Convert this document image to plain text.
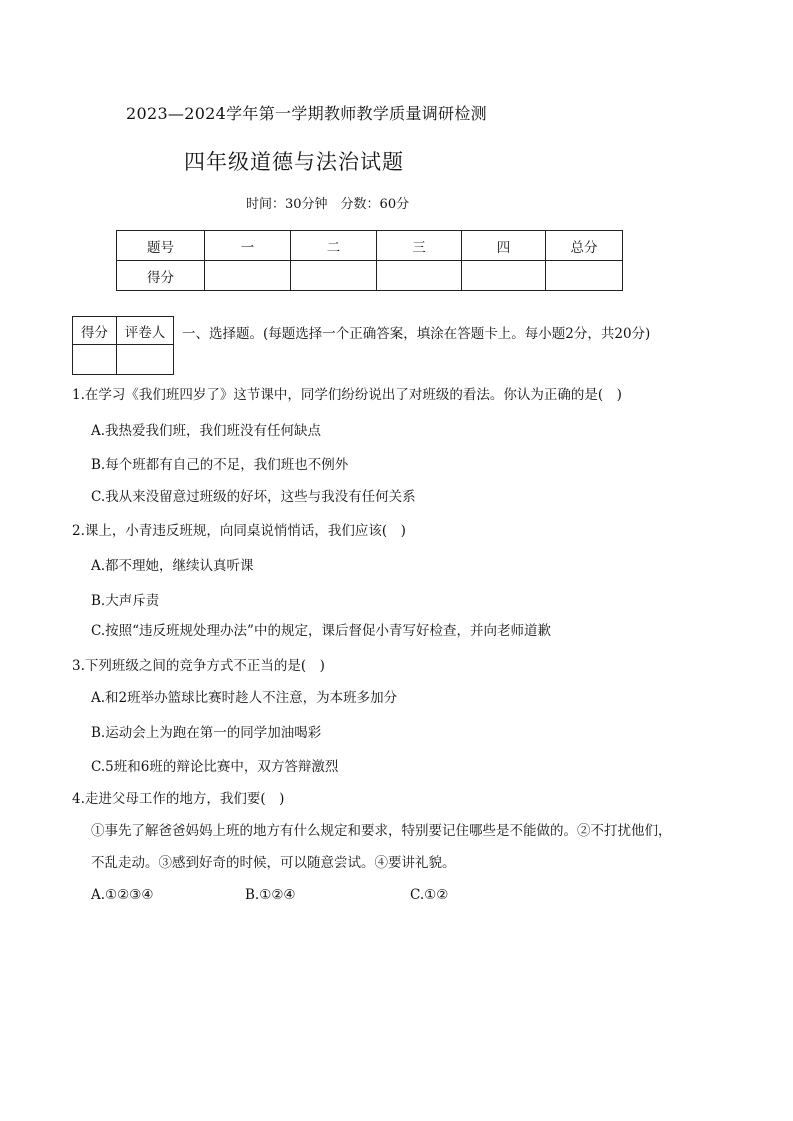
2023—2024学年第一学期教师教学质量调研检测
四年级道德与法治试题
时间：30分钟　分数：60分
题号	一	二	三	四	总分
得分					
得分	评卷人
	一、选择题。(每题选择一个正确答案，填涂在答题卡上。每小题2分，共20分)
1.在学习《我们班四岁了》这节课中，同学们纷纷说出了对班级的看法。你认为正确的是(　)
A.我热爱我们班，我们班没有任何缺点
B.每个班都有自己的不足，我们班也不例外
C.我从来没留意过班级的好坏，这些与我没有任何关系
2.课上，小青违反班规，向同桌说悄悄话，我们应该(　)
A.都不理她，继续认真听课
B.大声斥责
C.按照“违反班规处理办法”中的规定，课后督促小青写好检查，并向老师道歉
3.下列班级之间的竞争方式不正当的是(　)
A.和2班举办篮球比赛时趁人不注意，为本班多加分
B.运动会上为跑在第一的同学加油喝彩
C.5班和6班的辩论比赛中，双方答辩激烈
4.走进父母工作的地方，我们要(　)
①事先了解爸爸妈妈上班的地方有什么规定和要求，特别要记住哪些是不能做的。②不打扰他们，
不乱走动。③感到好奇的时候，可以随意尝试。④要讲礼貌。
A.①②③④	B.①②④	C.①②
